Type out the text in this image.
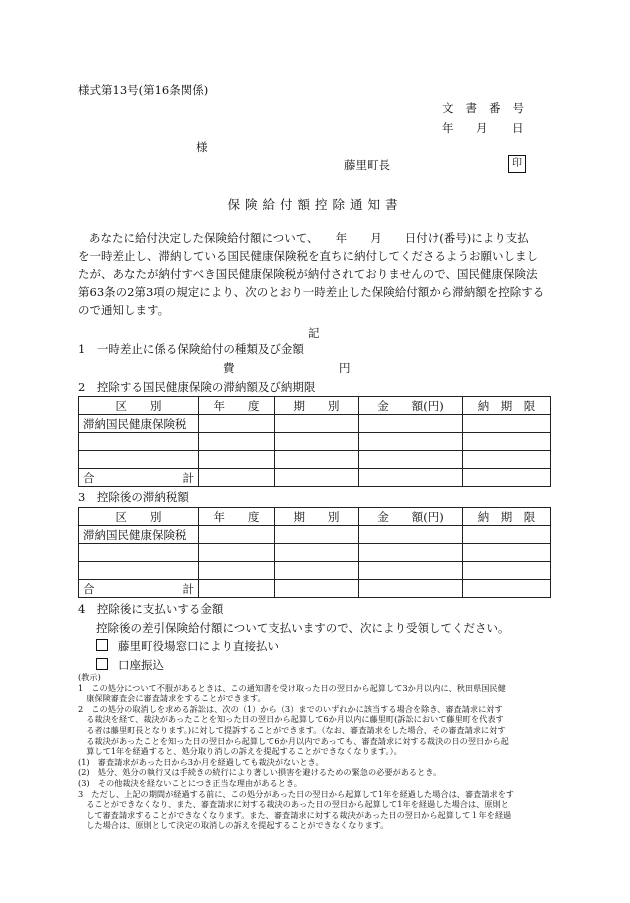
様式第13号(第16条関係)
文書番号
年 月 日
様
藤里町長	印
保険給付額控除通知書
あなたに給付決定した保険給付額について、　　年　　月　　日付け(番号)により支払
を一時差止し、滞納している国民健康保険税を直ちに納付してくださるようお願いしまし
たが、あなたが納付すべき国民健康保険税が納付されておりませんので、国民健康保険法
第63条の2第3項の規定により、次のとおり一時差止した保険給付額から滞納額を控除する
ので通知します。
記
1　一時差止に係る保険給付の種類及び金額
費	円
2　控除する国民健康保険の滞納額及び納期限
区　　別	年　　度	期　　別	金　　額(円)	納　期　限
滞納国民健康保険税				

合 計				

3　控除後の滞納税額
区　　別	年　　度	期　　別	金　　額(円)	納　期　限
滞納国民健康保険税				

合 計				

4　控除後に支払いする金額
控除後の差引保険給付額について支払いますので、次により受領してください。
藤里町役場窓口により直接払い
口座振込
(教示)
1　この処分について不服があるときは、この通知書を受け取った日の翌日から起算して3か月以内に、秋田県国民健
　康保険審査会に審査請求をすることができます。
2　この処分の取消しを求める訴訟は、次の（1）から（3）までのいずれかに該当する場合を除き、審査請求に対す
　る裁決を経て、裁決があったことを知った日の翌日から起算して6か月以内に藤里町(訴訟において藤里町を代表す
　る者は藤里町長となります。)に対して提訴することができます。（なお、審査請求をした場合、その審査請求に対す
　る裁決があったことを知った日の翌日から起算して6か月以内であっても、審査請求に対する裁決の日の翌日から起
　算して1年を経過すると、処分取り消しの訴えを提起することができなくなります。）。
(1)　審査請求があった日から3か月を経過しても裁決がないとき。
(2)　処分、処分の執行又は手続きの続行により著しい損害を避けるための緊急の必要があるとき。
(3)　その他裁決を経ないことにつき正当な理由があるとき。
3　ただし、上記の期間が経過する前に、この処分があった日の翌日から起算して1年を経過した場合は、審査請求をす
　ることができなくなり、また、審査請求に対する裁決のあった日の翌日から起算して1年を経過した場合は、原則と
　して審査請求することができなくなります。また、審査請求に対する裁決があった日の翌日から起算して１年を経過
　した場合は、原則として決定の取消しの訴えを提起することができなくなります。
